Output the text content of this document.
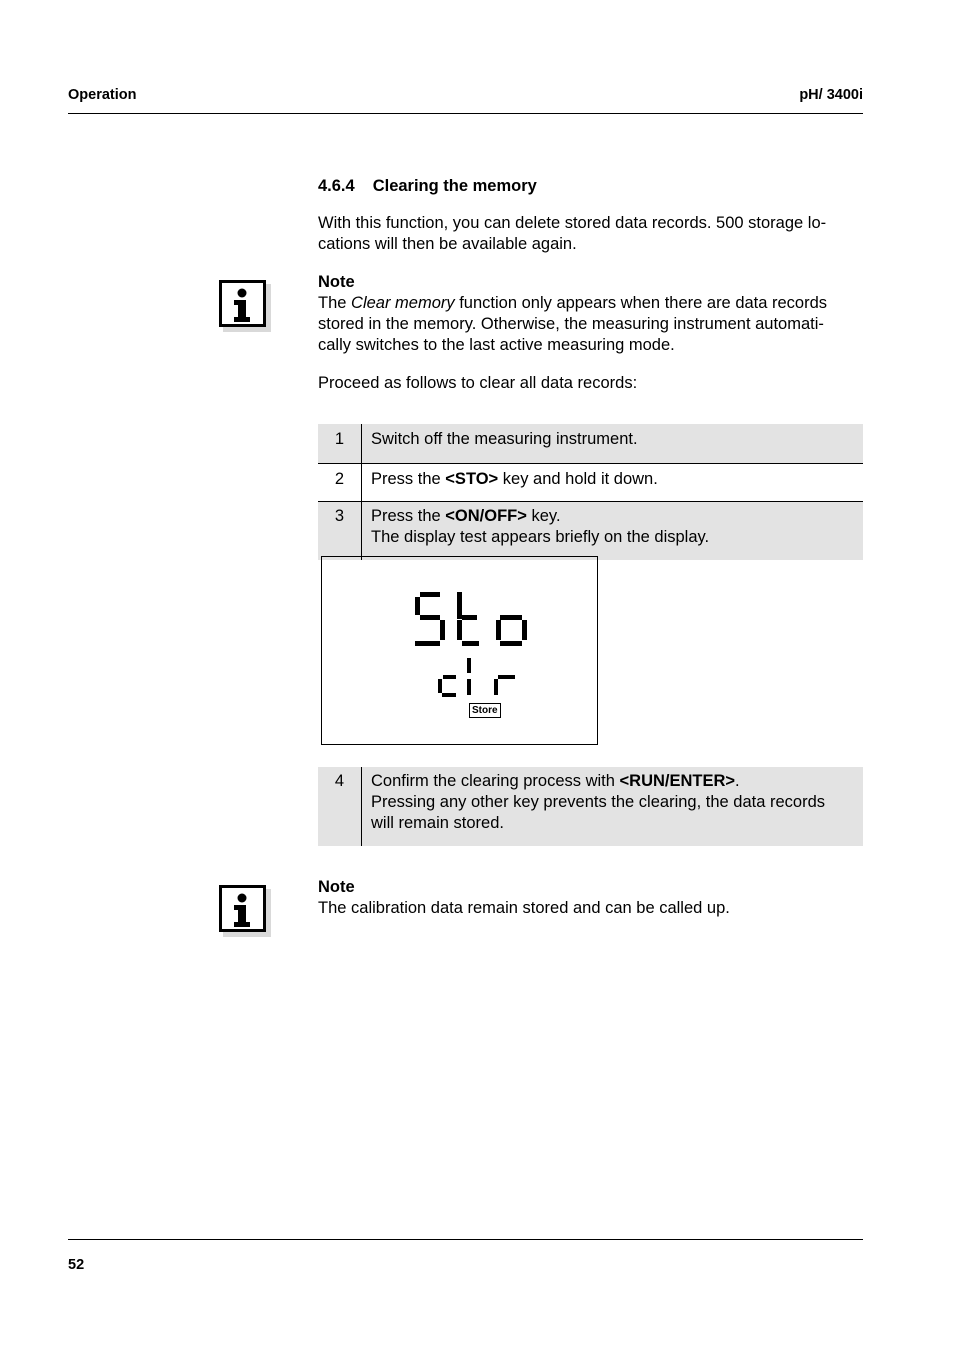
Operation	pH/ 3400i
4.6.4 Clearing the memory
With this function, you can delete stored data records. 500 storage lo-
cations will then be available again.
Note
The Clear memory function only appears when there are data records
stored in the memory. Otherwise, the measuring instrument automati-
cally switches to the last active measuring mode.
Proceed as follows to clear all data records:
1	Switch off the measuring instrument.
2	Press the <STO> key and hold it down.
3	Press the <ON/OFF> key.
The display test appears briefly on the display.
Store
4	Confirm the clearing process with <RUN/ENTER>.
Pressing any other key prevents the clearing, the data records
will remain stored.
Note
The calibration data remain stored and can be called up.
52
